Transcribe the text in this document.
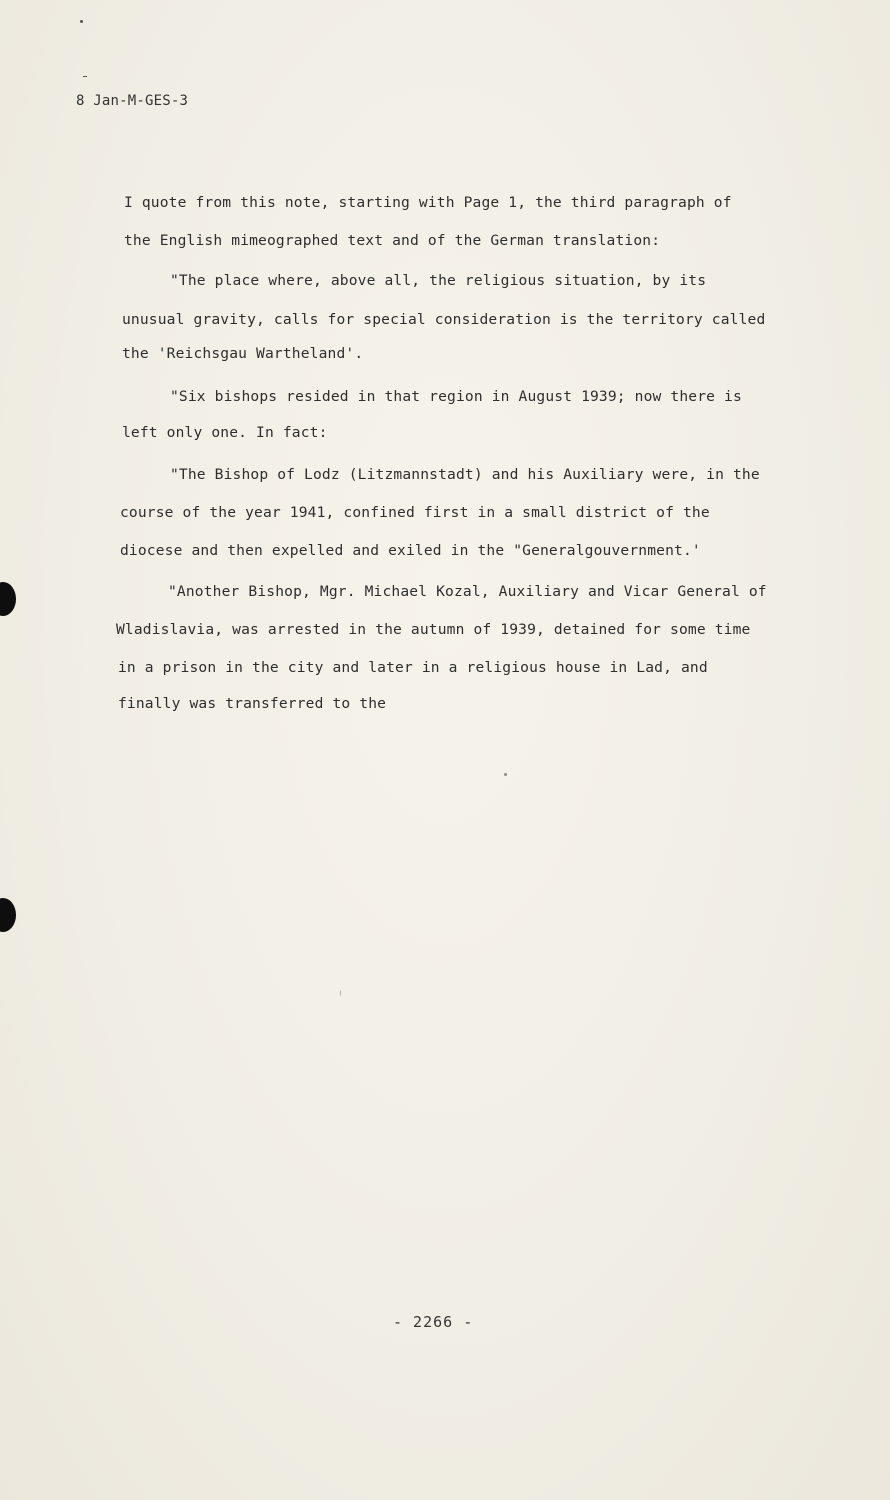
8 Jan-M-GES-3
I quote from this note, starting with Page 1, the third paragraph of
the English mimeographed text and of the German translation:
"The place where, above all, the religious situation, by its
unusual gravity, calls for special consideration is the territory called
the 'Reichsgau Wartheland'.
"Six bishops resided in that region in August 1939; now there is
left only one. In fact:
"The Bishop of Lodz (Litzmannstadt) and his Auxiliary were, in the
course of the year 1941, confined first in a small district of the
diocese and then expelled and exiled in the "Generalgouvernment.'
"Another Bishop, Mgr. Michael Kozal, Auxiliary and Vicar General of
Wladislavia, was arrested in the autumn of 1939, detained for some time
in a prison in the city and later in a religious house in Lad, and
finally was transferred to the
- 2266 -
